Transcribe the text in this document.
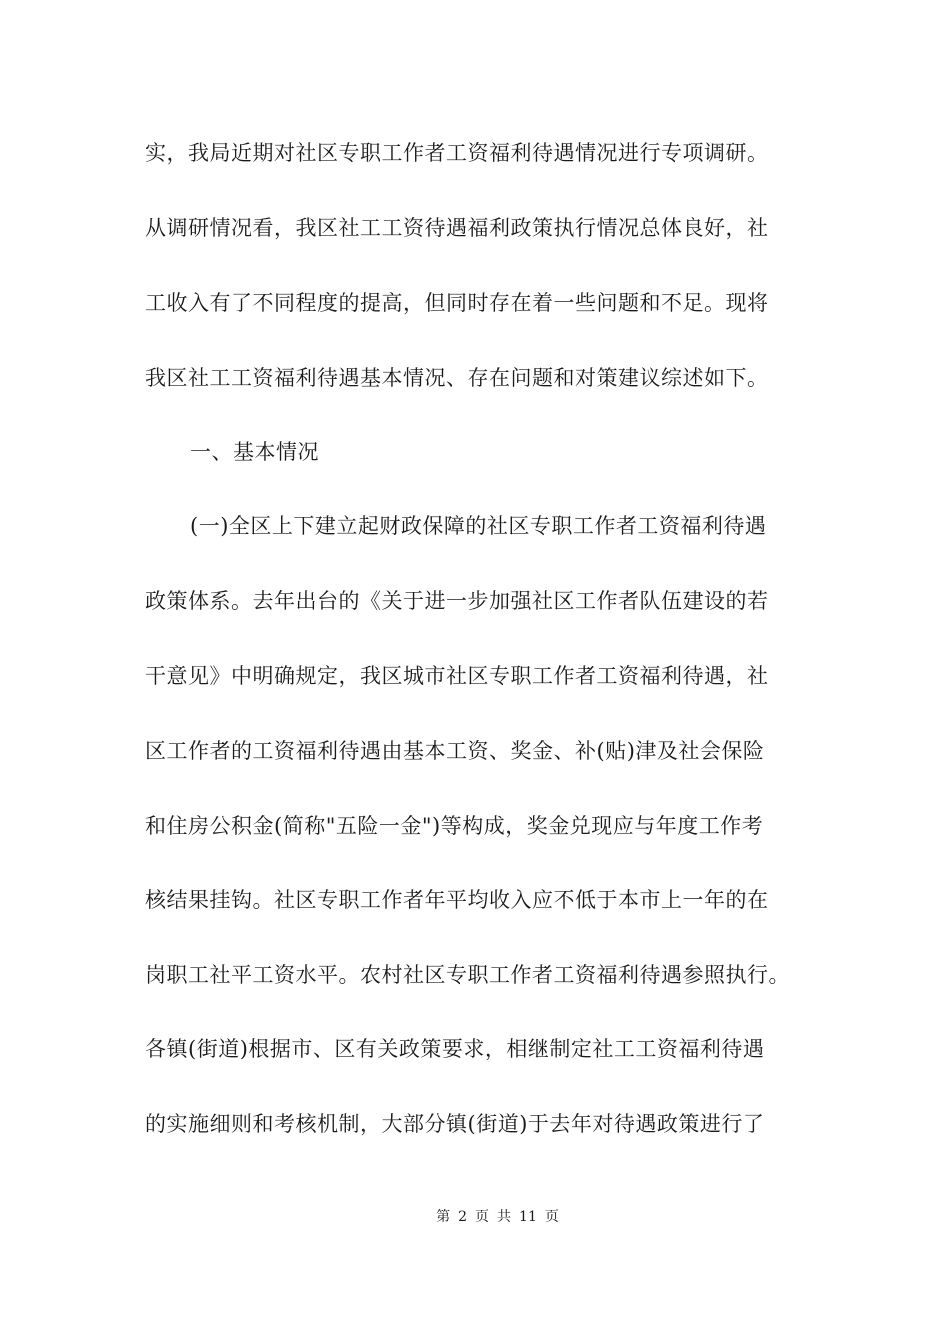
实，我局近期对社区专职工作者工资福利待遇情况进行专项调研。
从调研情况看，我区社工工资待遇福利政策执行情况总体良好，社
工收入有了不同程度的提高，但同时存在着一些问题和不足。现将
我区社工工资福利待遇基本情况、存在问题和对策建议综述如下。
一、基本情况
(一)全区上下建立起财政保障的社区专职工作者工资福利待遇
政策体系。去年出台的《关于进一步加强社区工作者队伍建设的若
干意见》中明确规定，我区城市社区专职工作者工资福利待遇，社
区工作者的工资福利待遇由基本工资、奖金、补(贴)津及社会保险
和住房公积金(简称"五险一金")等构成，奖金兑现应与年度工作考
核结果挂钩。社区专职工作者年平均收入应不低于本市上一年的在
岗职工社平工资水平。农村社区专职工作者工资福利待遇参照执行。
各镇(街道)根据市、区有关政策要求，相继制定社工工资福利待遇
的实施细则和考核机制，大部分镇(街道)于去年对待遇政策进行了
第 2 页 共 11 页
